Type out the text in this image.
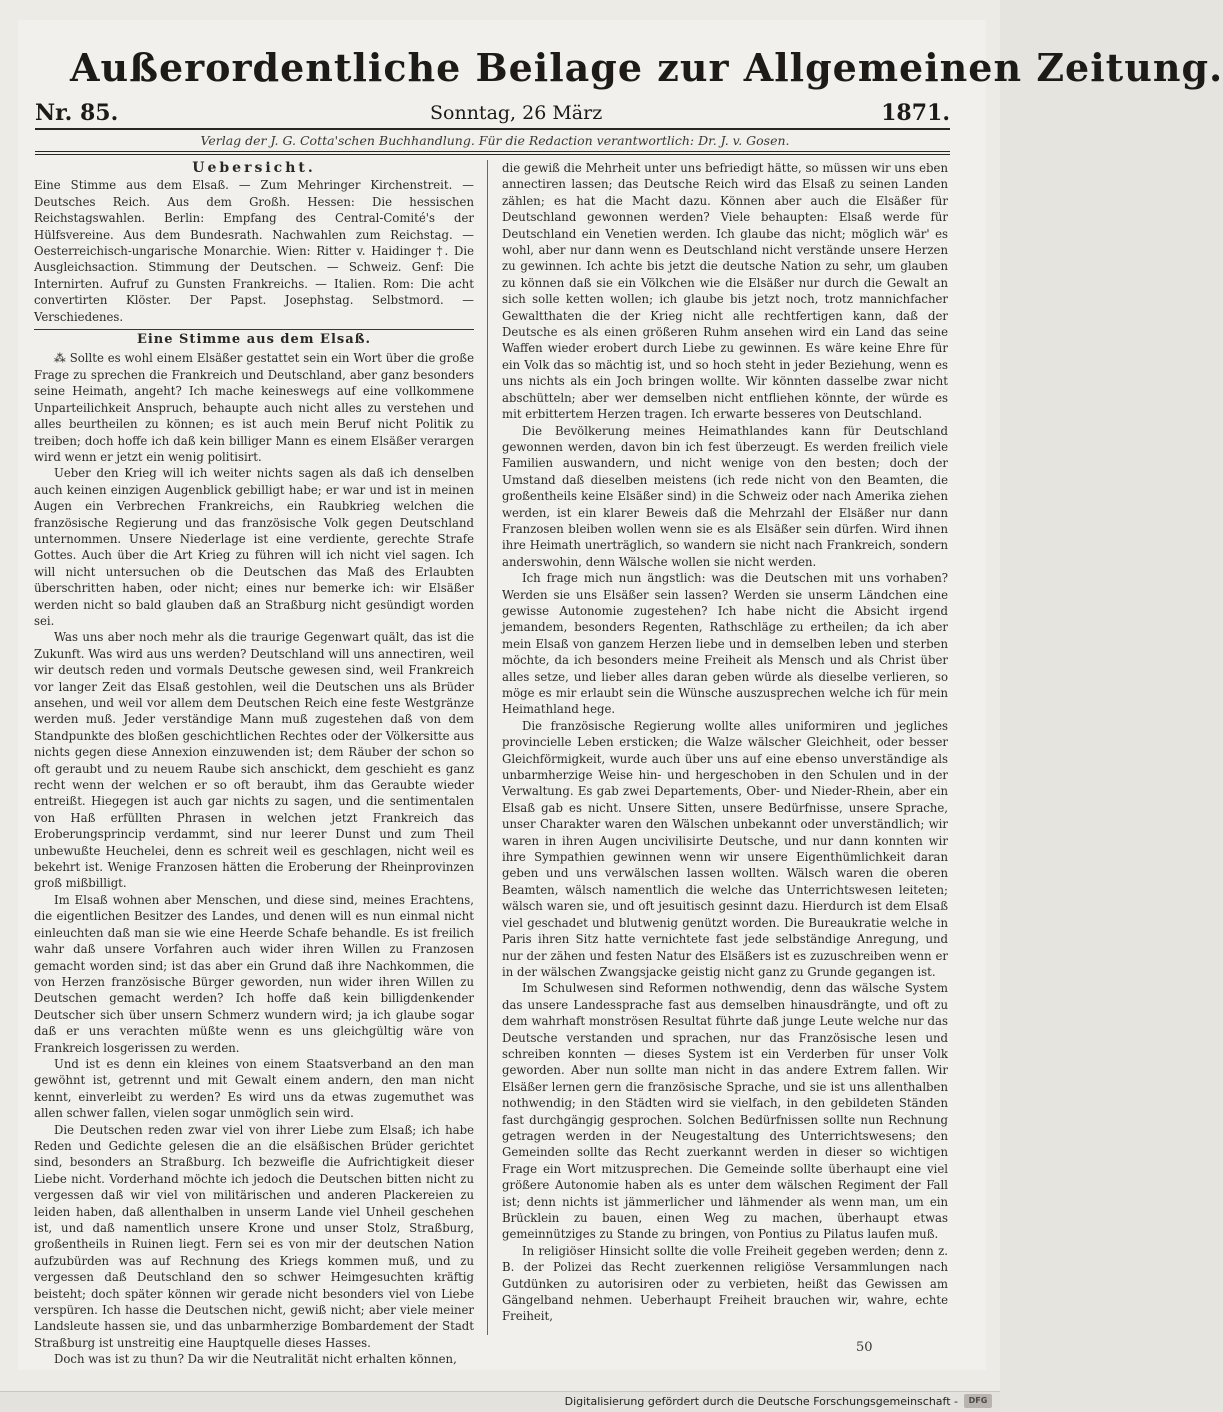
Außerordentliche Beilage zur Allgemeinen Zeitung.
Nr. 85.	Sonntag, 26 März	1871.
Verlag der J. G. Cotta'schen Buchhandlung. Für die Redaction verantwortlich: Dr. J. v. Gosen.
Uebersicht.

Eine Stimme aus dem Elsaß. — Zum Mehringer Kirchenstreit. — Deutsches Reich. Aus dem Großh. Hessen: Die hessischen Reichstagswahlen. Berlin: Empfang des Central-Comité's der Hülfsvereine. Aus dem Bundesrath. Nachwahlen zum Reichstag. — Oesterreichisch-ungarische Monarchie. Wien: Ritter v. Haidinger †. Die Ausgleichsaction. Stimmung der Deutschen. — Schweiz. Genf: Die Internirten. Aufruf zu Gunsten Frankreichs. — Italien. Rom: Die acht convertirten Klöster. Der Papst. Josephstag. Selbstmord. — Verschiedenes.

Eine Stimme aus dem Elsaß.

⁂ Sollte es wohl einem Elsäßer gestattet sein ein Wort über die große Frage zu sprechen die Frankreich und Deutschland, aber ganz besonders seine Heimath, angeht? Ich mache keineswegs auf eine vollkommene Unparteilichkeit Anspruch, behaupte auch nicht alles zu verstehen und alles beurtheilen zu können; es ist auch mein Beruf nicht Politik zu treiben; doch hoffe ich daß kein billiger Mann es einem Elsäßer verargen wird wenn er jetzt ein wenig politisirt.

Ueber den Krieg will ich weiter nichts sagen als daß ich denselben auch keinen einzigen Augenblick gebilligt habe; er war und ist in meinen Augen ein Verbrechen Frankreichs, ein Raubkrieg welchen die französische Regierung und das französische Volk gegen Deutschland unternommen. Unsere Niederlage ist eine verdiente, gerechte Strafe Gottes. Auch über die Art Krieg zu führen will ich nicht viel sagen. Ich will nicht untersuchen ob die Deutschen das Maß des Erlaubten überschritten haben, oder nicht; eines nur bemerke ich: wir Elsäßer werden nicht so bald glauben daß an Straßburg nicht gesündigt worden sei.

Was uns aber noch mehr als die traurige Gegenwart quält, das ist die Zukunft. Was wird aus uns werden? Deutschland will uns annectiren, weil wir deutsch reden und vormals Deutsche gewesen sind, weil Frankreich vor langer Zeit das Elsaß gestohlen, weil die Deutschen uns als Brüder ansehen, und weil vor allem dem Deutschen Reich eine feste Westgränze werden muß. Jeder verständige Mann muß zugestehen daß von dem Standpunkte des bloßen geschichtlichen Rechtes oder der Völkersitte aus nichts gegen diese Annexion einzuwenden ist; dem Räuber der schon so oft geraubt und zu neuem Raube sich anschickt, dem geschieht es ganz recht wenn der welchen er so oft beraubt, ihm das Geraubte wieder entreißt. Hiegegen ist auch gar nichts zu sagen, und die sentimentalen von Haß erfüllten Phrasen in welchen jetzt Frankreich das Eroberungsprincip verdammt, sind nur leerer Dunst und zum Theil unbewußte Heuchelei, denn es schreit weil es geschlagen, nicht weil es bekehrt ist. Wenige Franzosen hätten die Eroberung der Rheinprovinzen groß mißbilligt.

Im Elsaß wohnen aber Menschen, und diese sind, meines Erachtens, die eigentlichen Besitzer des Landes, und denen will es nun einmal nicht einleuchten daß man sie wie eine Heerde Schafe behandle. Es ist freilich wahr daß unsere Vorfahren auch wider ihren Willen zu Franzosen gemacht worden sind; ist das aber ein Grund daß ihre Nachkommen, die von Herzen französische Bürger geworden, nun wider ihren Willen zu Deutschen gemacht werden? Ich hoffe daß kein billigdenkender Deutscher sich über unsern Schmerz wundern wird; ja ich glaube sogar daß er uns verachten müßte wenn es uns gleichgültig wäre von Frankreich losgerissen zu werden.

Und ist es denn ein kleines von einem Staatsverband an den man gewöhnt ist, getrennt und mit Gewalt einem andern, den man nicht kennt, einverleibt zu werden? Es wird uns da etwas zugemuthet was allen schwer fallen, vielen sogar unmöglich sein wird.

Die Deutschen reden zwar viel von ihrer Liebe zum Elsaß; ich habe Reden und Gedichte gelesen die an die elsäßischen Brüder gerichtet sind, besonders an Straßburg. Ich bezweifle die Aufrichtigkeit dieser Liebe nicht. Vorderhand möchte ich jedoch die Deutschen bitten nicht zu vergessen daß wir viel von militärischen und anderen Plackereien zu leiden haben, daß allenthalben in unserm Lande viel Unheil geschehen ist, und daß namentlich unsere Krone und unser Stolz, Straßburg, großentheils in Ruinen liegt. Fern sei es von mir der deutschen Nation aufzubürden was auf Rechnung des Kriegs kommen muß, und zu vergessen daß Deutschland den so schwer Heimgesuchten kräftig beisteht; doch später können wir gerade nicht besonders viel von Liebe verspüren. Ich hasse die Deutschen nicht, gewiß nicht; aber viele meiner Landsleute hassen sie, und das unbarmherzige Bombardement der Stadt Straßburg ist unstreitig eine Hauptquelle dieses Hasses.

Doch was ist zu thun? Da wir die Neutralität nicht erhalten können,

die gewiß die Mehrheit unter uns befriedigt hätte, so müssen wir uns eben annectiren lassen; das Deutsche Reich wird das Elsaß zu seinen Landen zählen; es hat die Macht dazu. Können aber auch die Elsäßer für Deutschland gewonnen werden? Viele behaupten: Elsaß werde für Deutschland ein Venetien werden. Ich glaube das nicht; möglich wär' es wohl, aber nur dann wenn es Deutschland nicht verstände unsere Herzen zu gewinnen. Ich achte bis jetzt die deutsche Nation zu sehr, um glauben zu können daß sie ein Völkchen wie die Elsäßer nur durch die Gewalt an sich solle ketten wollen; ich glaube bis jetzt noch, trotz mannichfacher Gewaltthaten die der Krieg nicht alle rechtfertigen kann, daß der Deutsche es als einen größeren Ruhm ansehen wird ein Land das seine Waffen wieder erobert durch Liebe zu gewinnen. Es wäre keine Ehre für ein Volk das so mächtig ist, und so hoch steht in jeder Beziehung, wenn es uns nichts als ein Joch bringen wollte. Wir könnten dasselbe zwar nicht abschütteln; aber wer demselben nicht entfliehen könnte, der würde es mit erbittertem Herzen tragen. Ich erwarte besseres von Deutschland.

Die Bevölkerung meines Heimathlandes kann für Deutschland gewonnen werden, davon bin ich fest überzeugt. Es werden freilich viele Familien auswandern, und nicht wenige von den besten; doch der Umstand daß dieselben meistens (ich rede nicht von den Beamten, die großentheils keine Elsäßer sind) in die Schweiz oder nach Amerika ziehen werden, ist ein klarer Beweis daß die Mehrzahl der Elsäßer nur dann Franzosen bleiben wollen wenn sie es als Elsäßer sein dürfen. Wird ihnen ihre Heimath unerträglich, so wandern sie nicht nach Frankreich, sondern anderswohin, denn Wälsche wollen sie nicht werden.

Ich frage mich nun ängstlich: was die Deutschen mit uns vorhaben? Werden sie uns Elsäßer sein lassen? Werden sie unserm Ländchen eine gewisse Autonomie zugestehen? Ich habe nicht die Absicht irgend jemandem, besonders Regenten, Rathschläge zu ertheilen; da ich aber mein Elsaß von ganzem Herzen liebe und in demselben leben und sterben möchte, da ich besonders meine Freiheit als Mensch und als Christ über alles setze, und lieber alles daran geben würde als dieselbe verlieren, so möge es mir erlaubt sein die Wünsche auszusprechen welche ich für mein Heimathland hege.

Die französische Regierung wollte alles uniformiren und jegliches provincielle Leben ersticken; die Walze wälscher Gleichheit, oder besser Gleichförmigkeit, wurde auch über uns auf eine ebenso unverständige als unbarmherzige Weise hin- und hergeschoben in den Schulen und in der Verwaltung. Es gab zwei Departements, Ober- und Nieder-Rhein, aber ein Elsaß gab es nicht. Unsere Sitten, unsere Bedürfnisse, unsere Sprache, unser Charakter waren den Wälschen unbekannt oder unverständlich; wir waren in ihren Augen uncivilisirte Deutsche, und nur dann konnten wir ihre Sympathien gewinnen wenn wir unsere Eigenthümlichkeit daran geben und uns verwälschen lassen wollten. Wälsch waren die oberen Beamten, wälsch namentlich die welche das Unterrichtswesen leiteten; wälsch waren sie, und oft jesuitisch gesinnt dazu. Hierdurch ist dem Elsaß viel geschadet und blutwenig genützt worden. Die Bureaukratie welche in Paris ihren Sitz hatte vernichtete fast jede selbständige Anregung, und nur der zähen und festen Natur des Elsäßers ist es zuzuschreiben wenn er in der wälschen Zwangsjacke geistig nicht ganz zu Grunde gegangen ist.

Im Schulwesen sind Reformen nothwendig, denn das wälsche System das unsere Landessprache fast aus demselben hinausdrängte, und oft zu dem wahrhaft monströsen Resultat führte daß junge Leute welche nur das Deutsche verstanden und sprachen, nur das Französische lesen und schreiben konnten — dieses System ist ein Verderben für unser Volk geworden. Aber nun sollte man nicht in das andere Extrem fallen. Wir Elsäßer lernen gern die französische Sprache, und sie ist uns allenthalben nothwendig; in den Städten wird sie vielfach, in den gebildeten Ständen fast durchgängig gesprochen. Solchen Bedürfnissen sollte nun Rechnung getragen werden in der Neugestaltung des Unterrichtswesens; den Gemeinden sollte das Recht zuerkannt werden in dieser so wichtigen Frage ein Wort mitzusprechen. Die Gemeinde sollte überhaupt eine viel größere Autonomie haben als es unter dem wälschen Regiment der Fall ist; denn nichts ist jämmerlicher und lähmender als wenn man, um ein Brücklein zu bauen, einen Weg zu machen, überhaupt etwas gemeinnütziges zu Stande zu bringen, von Pontius zu Pilatus laufen muß.

In religiöser Hinsicht sollte die volle Freiheit gegeben werden; denn z. B. der Polizei das Recht zuerkennen religiöse Versammlungen nach Gutdünken zu autorisiren oder zu verbieten, heißt das Gewissen am Gängelband nehmen. Ueberhaupt Freiheit brauchen wir, wahre, echte Freiheit,

50
Digitalisierung gefördert durch die Deutsche Forschungsgemeinschaft -	DFG
